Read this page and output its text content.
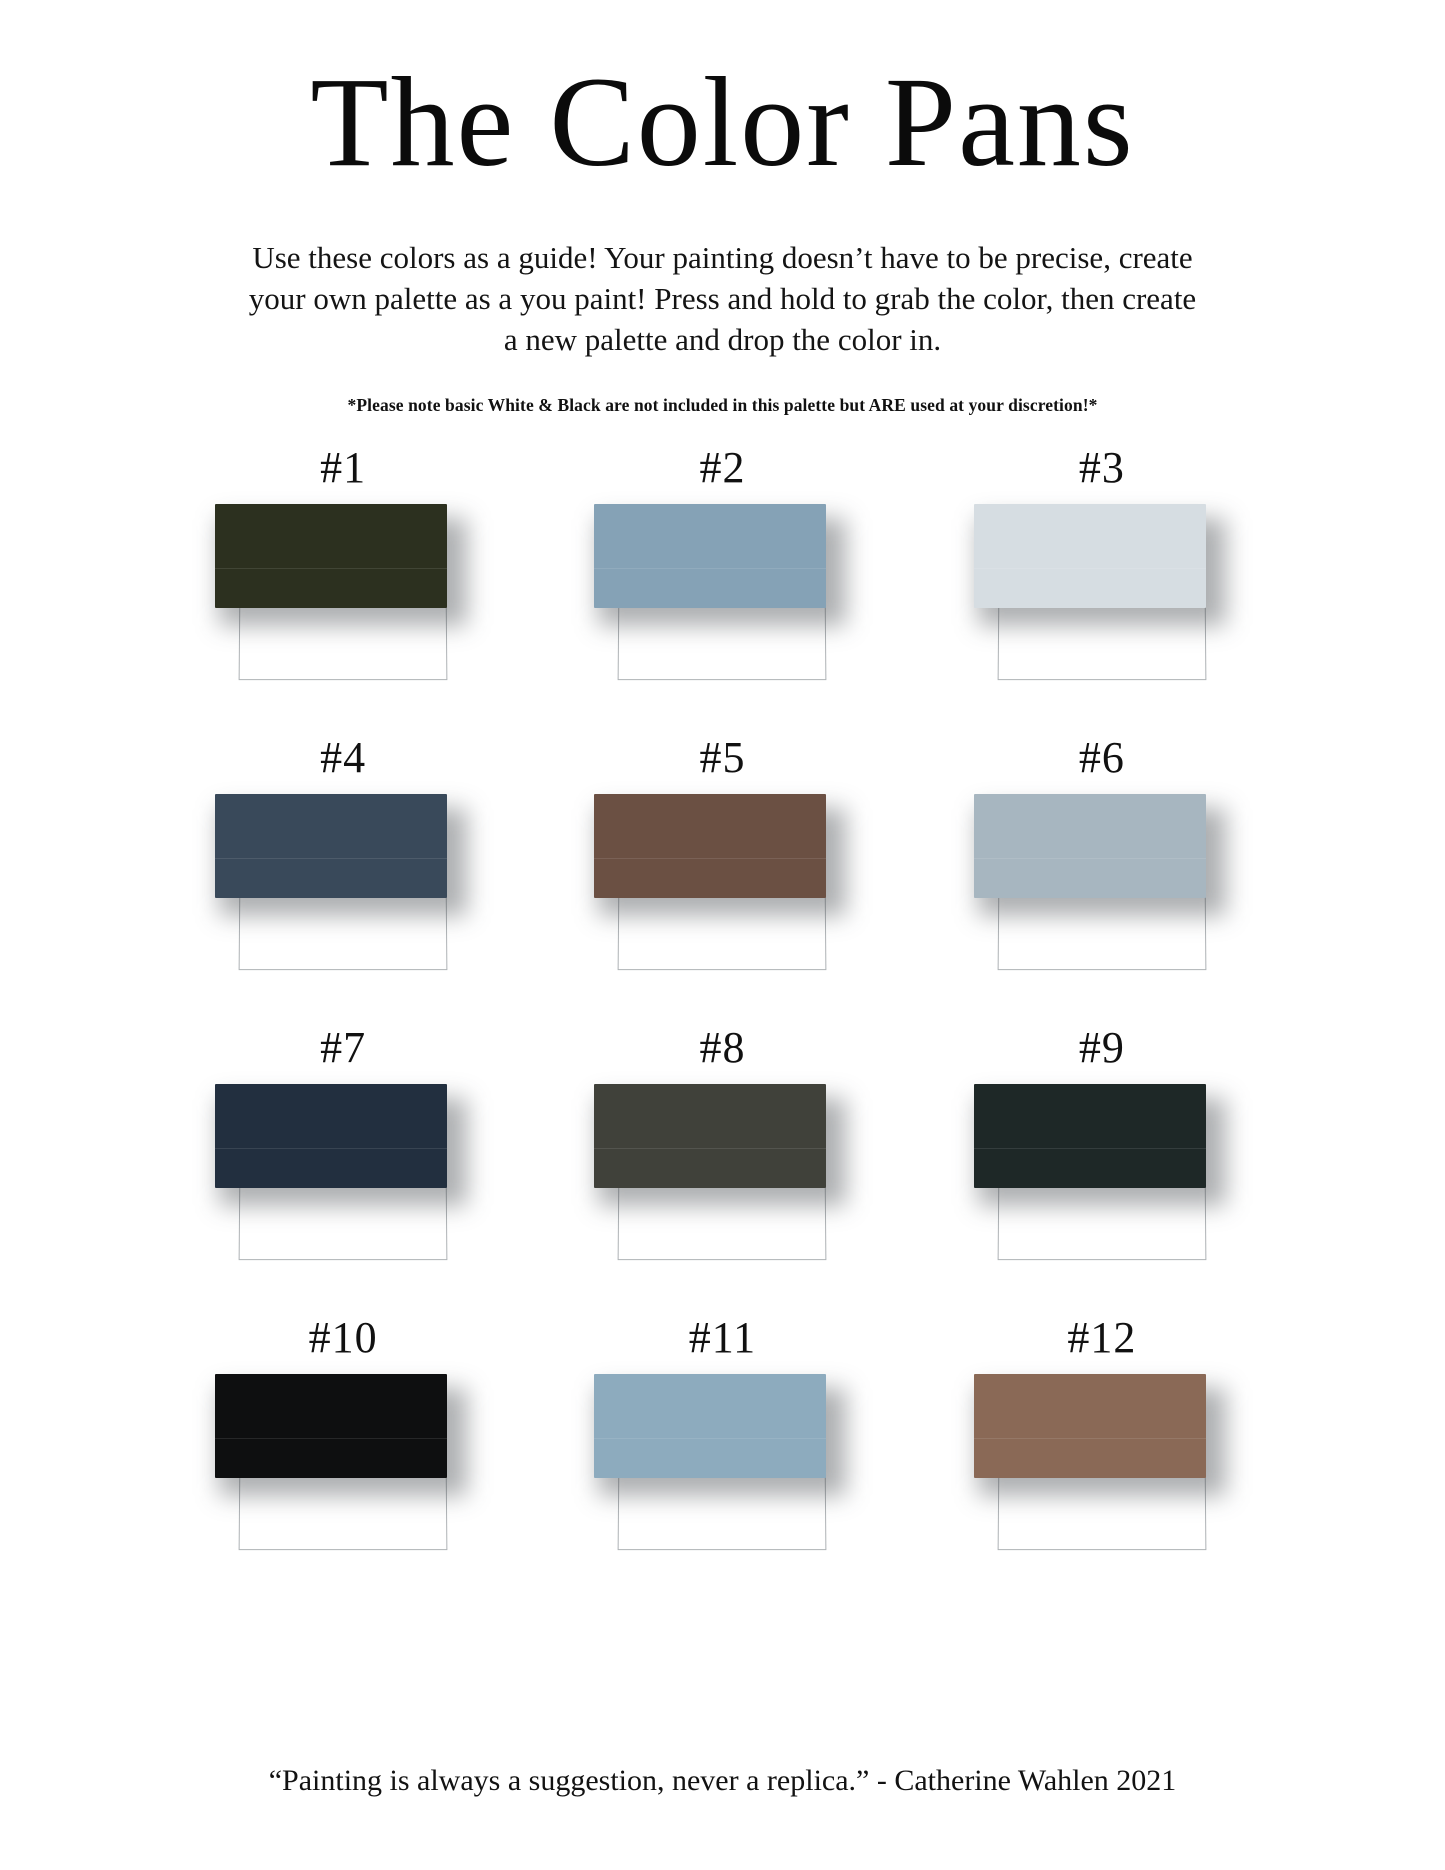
The Color Pans

Use these colors as a guide! Your painting doesn’t have to be precise, create your own palette as a you paint! Press and hold to grab the color, then create a new palette and drop the color in.

*Please note basic White & Black are not included in this palette but ARE used at your discretion!*

#1	#2	#3
#4	#5	#6
#7	#8	#9
#10	#11	#12
“Painting is always a suggestion, never a replica.” - Catherine Wahlen 2021
